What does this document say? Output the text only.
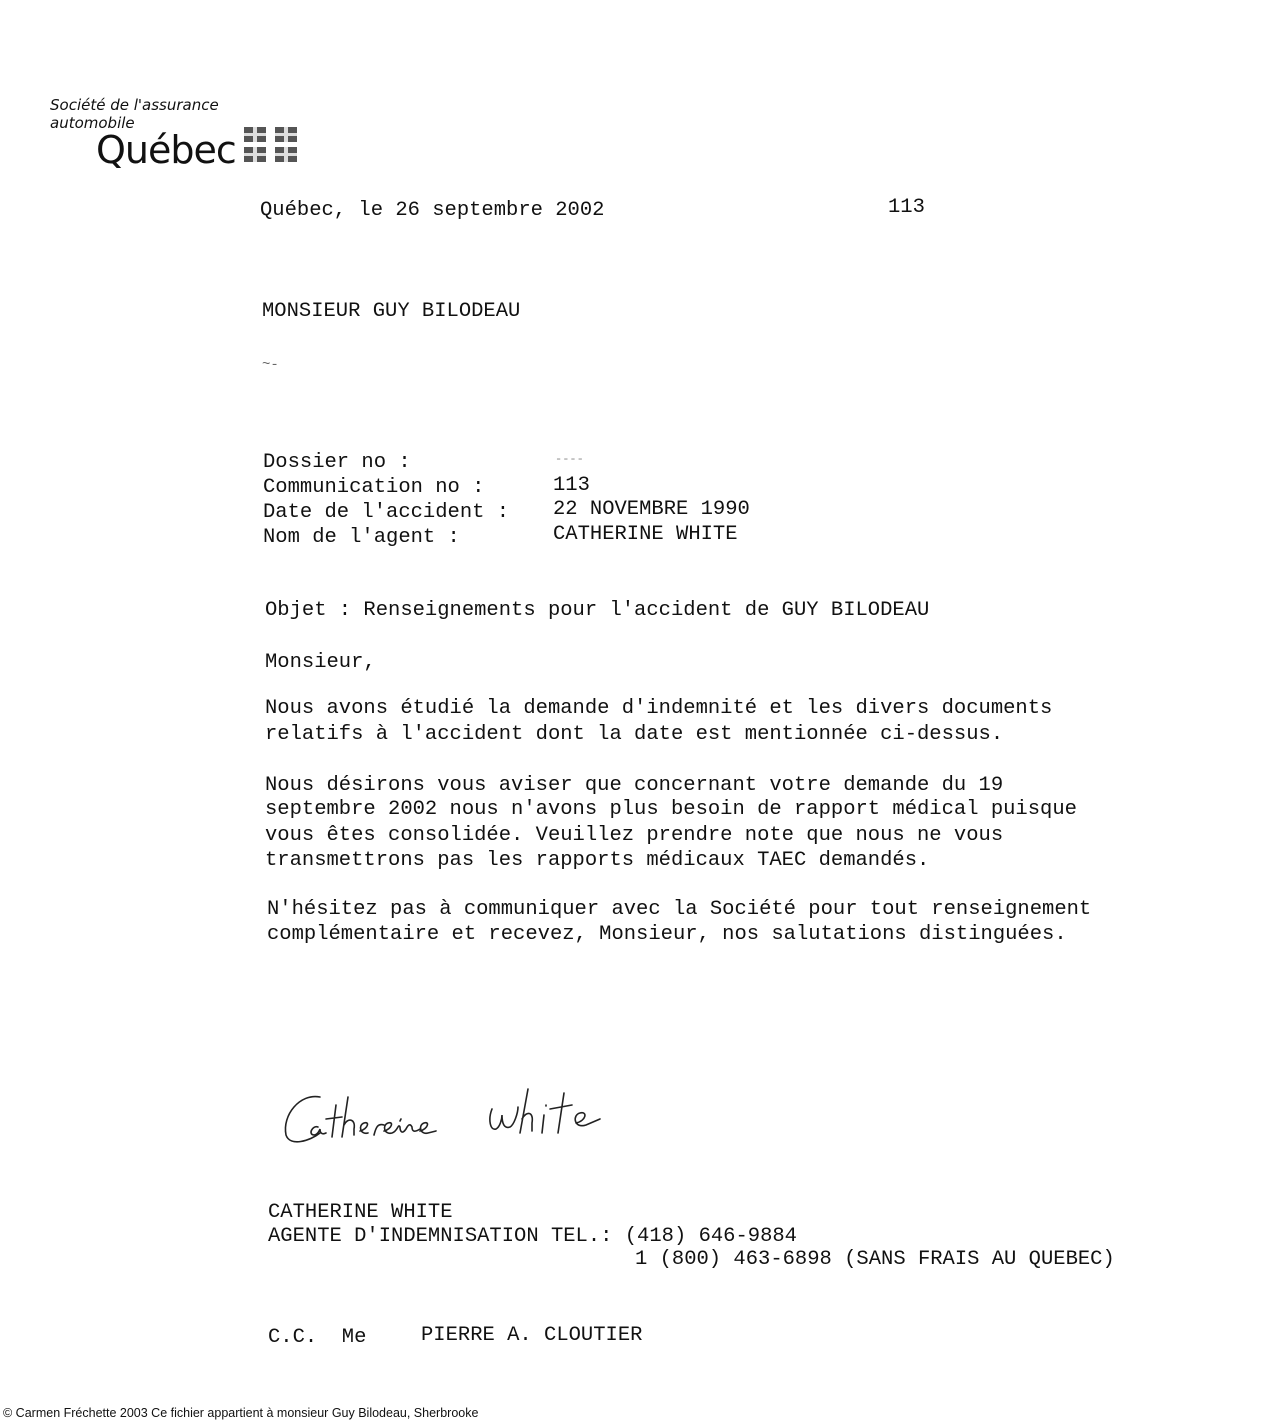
Société de l'assurance
automobile
Québec
Québec, le 26 septembre 2002	113
MONSIEUR GUY BILODEAU
~-
Dossier no :	----
Communication no :	113
Date de l'accident : 22 NOVEMBRE 1990
Nom de l'agent :	CATHERINE WHITE
Objet : Renseignements pour l'accident de GUY BILODEAU
Monsieur,
Nous avons étudié la demande d'indemnité et les divers documents
relatifs à l'accident dont la date est mentionnée ci-dessus.
Nous désirons vous aviser que concernant votre demande du 19
septembre 2002 nous n'avons plus besoin de rapport médical puisque
vous êtes consolidée. Veuillez prendre note que nous ne vous
transmettrons pas les rapports médicaux TAEC demandés.
N'hésitez pas à communiquer avec la Société pour tout renseignement
complémentaire et recevez, Monsieur, nos salutations distinguées.
CATHERINE WHITE
AGENTE D'INDEMNISATION TEL.: (418) 646-9884
1 (800) 463-6898 (SANS FRAIS AU QUEBEC)
C.C.  Me	PIERRE A. CLOUTIER
© Carmen Fréchette 2003 Ce fichier appartient à monsieur Guy Bilodeau, Sherbrooke
